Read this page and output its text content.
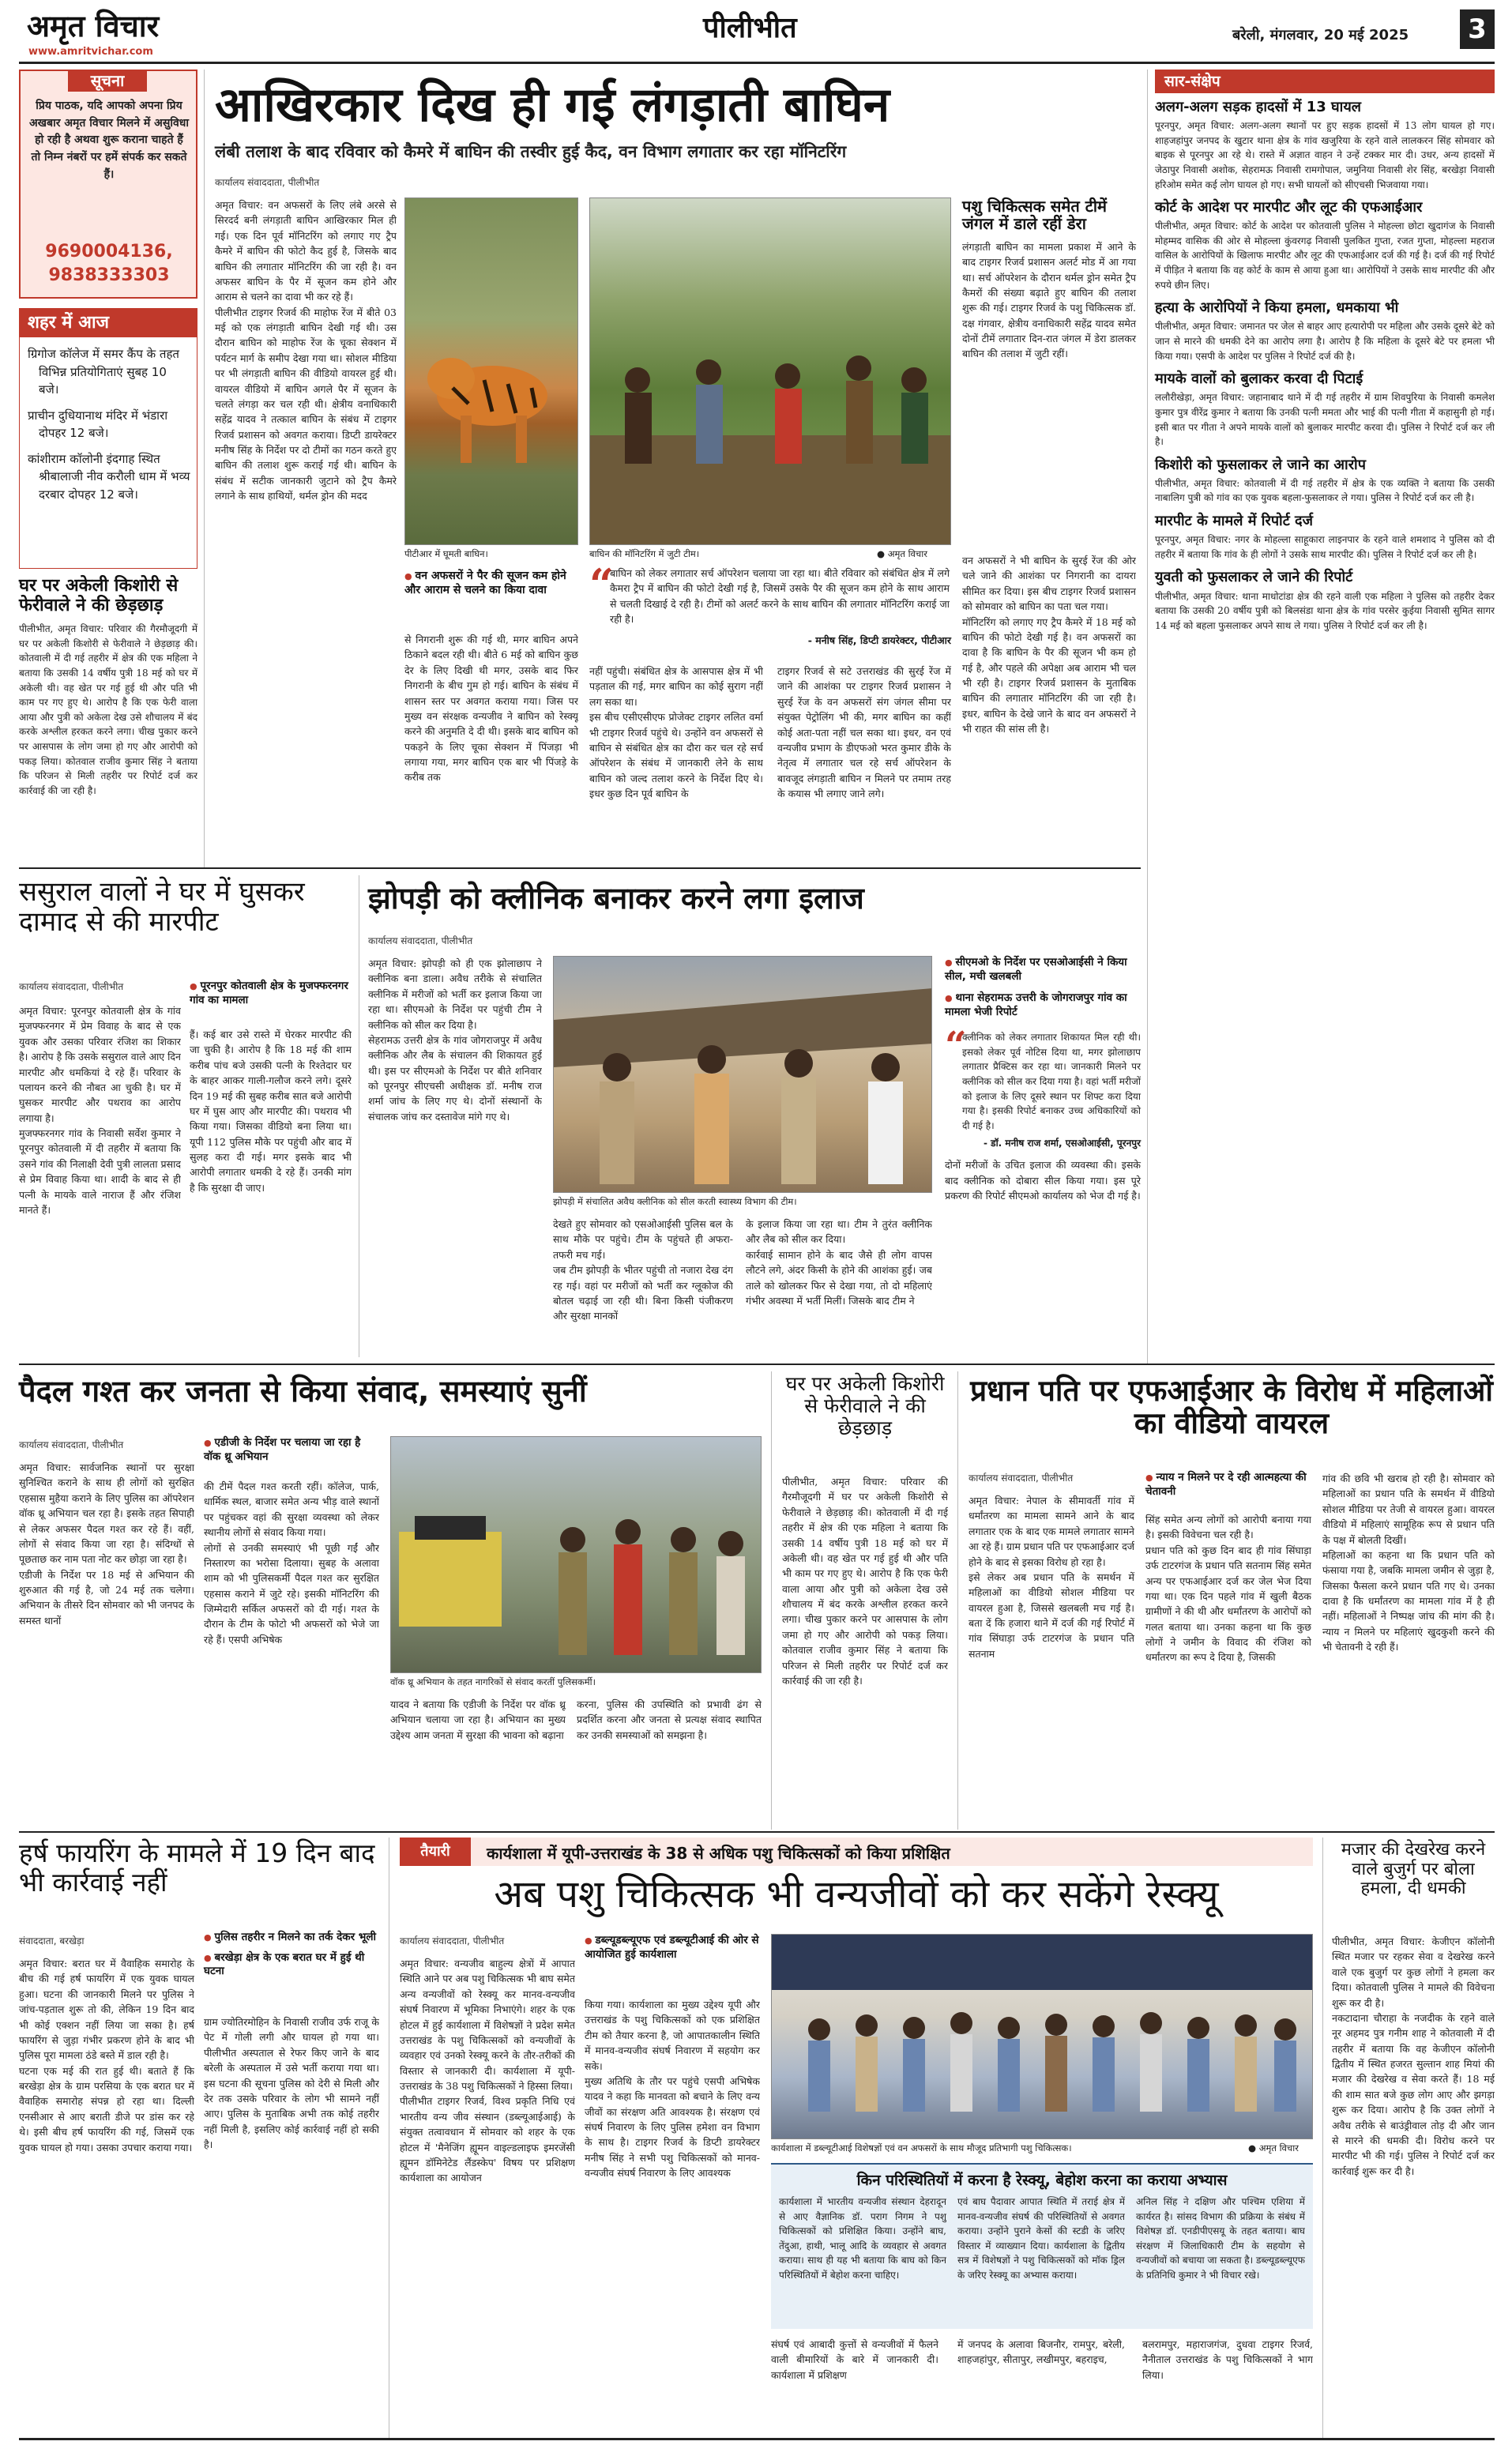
अमृत विचार
www.amritvichar.com
पीलीभीत	बरेली, मंगलवार, 20 मई 2025 3
सूचना
प्रिय पाठक, यदि आपको अपना प्रिय अखबार अमृत विचार मिलने में असुविधा हो रही है अथवा शुरू कराना चाहते हैं तो निम्न नंबरों पर हमें संपर्क कर सकते हैं।
9690004136,
9838333303
शहर में आज
ग्रिगोज कॉलेज में समर कैंप के तहत विभिन्न प्रतियोगिताएं सुबह 10 बजे।
प्राचीन दुधियानाथ मंदिर में भंडारा दोपहर 12 बजे।
कांशीराम कॉलोनी इंदगाह स्थित श्रीबालाजी नीव करौली धाम में भव्य दरबार दोपहर 12 बजे।
घर पर अकेली किशोरी से फेरीवाले ने की छेड़छाड़
पीलीभीत, अमृत विचार: परिवार की गैरमौजूदगी में घर पर अकेली किशोरी से फेरीवाले ने छेड़छाड़ की। कोतवाली में दी गई तहरीर में क्षेत्र की एक महिला ने बताया कि उसकी 14 वर्षीय पुत्री 18 मई को घर में अकेली थी। वह खेत पर गई हुई थी और पति भी काम पर गए हुए थे। आरोप है कि एक फेरी वाला आया और पुत्री को अकेला देख उसे शौचालय में बंद करके अश्लील हरकत करने लगा। चीख पुकार करने पर आसपास के लोग जमा हो गए और आरोपी को पकड़ लिया। कोतवाल राजीव कुमार सिंह ने बताया कि परिजन से मिली तहरीर पर रिपोर्ट दर्ज कर कार्रवाई की जा रही है।
आखिरकार दिख ही गई लंगड़ाती बाघिन
लंबी तलाश के बाद रविवार को कैमरे में बाघिन की तस्वीर हुई कैद, वन विभाग लगातार कर रहा मॉनिटरिंग
कार्यालय संवाददाता, पीलीभीत
अमृत विचार: वन अफसरों के लिए लंबे अरसे से सिरदर्द बनी लंगड़ाती बाघिन आखिरकार मिल ही गई। एक दिन पूर्व मॉनिटरिंग को लगाए गए ट्रैप कैमरे में बाघिन की फोटो कैद हुई है, जिसके बाद बाघिन की लगातार मॉनिटरिंग की जा रही है। वन अफसर बाघिन के पैर में सूजन कम होने और आराम से चलने का दावा भी कर रहे हैं।
पीलीभीत टाइगर रिजर्व की माहोफ रेंज में बीते 03 मई को एक लंगड़ाती बाघिन देखी गई थी। उस दौरान बाघिन को माहोफ रेंज के चूका सेक्शन में पर्यटन मार्ग के समीप देखा गया था। सोशल मीडिया पर भी लंगड़ाती बाघिन की वीडियो वायरल हुई थी। वायरल वीडियो में बाघिन अगले पैर में सूजन के चलते लंगड़ा कर चल रही थी। क्षेत्रीय वनाधिकारी सहेंद्र यादव ने तत्काल बाघिन के संबंध में टाइगर रिजर्व प्रशासन को अवगत कराया। डिप्टी डायरेक्टर मनीष सिंह के निर्देश पर दो टीमों का गठन करते हुए बाघिन की तलाश शुरू कराई गई थी। बाघिन के संबंध में सटीक जानकारी जुटाने को ट्रैप कैमरे लगाने के साथ हाथियों, थर्मल ड्रोन की मदद
पीटीआर में घूमती बाघिन।	बाघिन की मॉनिटरिंग में जुटी टीम।	● अमृत विचार
पशु चिकित्सक समेत टीमें जंगल में डाले रहीं डेरा
लंगड़ाती बाघिन का मामला प्रकाश में आने के बाद टाइगर रिजर्व प्रशासन अलर्ट मोड में आ गया था। सर्च ऑपरेशन के दौरान थर्मल ड्रोन समेत ट्रैप कैमरों की संख्या बढ़ाते हुए बाघिन की तलाश शुरू की गई। टाइगर रिजर्व के पशु चिकित्सक डॉ. दक्ष गंगवार, क्षेत्रीय वनाधिकारी सहेंद्र यादव समेत दोनों टीमें लगातार दिन-रात जंगल में डेरा डालकर बाघिन की तलाश में जुटी रहीं।
● वन अफसरों ने पैर की सूजन कम होने और आराम से चलने का किया दावा
से निगरानी शुरू की गई थी, मगर बाघिन अपने ठिकाने बदल रही थी। बीते 6 मई को बाघिन कुछ देर के लिए दिखी थी मगर, उसके बाद फिर निगरानी के बीच गुम हो गई। बाघिन के संबंध में शासन स्तर पर अवगत कराया गया। जिस पर मुख्य वन संरक्षक वन्यजीव ने बाघिन को रेस्क्यू करने की अनुमति दे दी थी। इसके बाद बाघिन को पकड़ने के लिए चूका सेक्शन में पिंजड़ा भी लगाया गया, मगर बाघिन एक बार भी पिंजड़े के करीब तक
“
बाघिन को लेकर लगातार सर्च ऑपरेशन चलाया जा रहा था। बीते रविवार को संबंधित क्षेत्र में लगे कैमरा ट्रैप में बाघिन की फोटो देखी गई है, जिसमें उसके पैर की सूजन कम होने के साथ आराम से चलती दिखाई दे रही है। टीमों को अलर्ट करने के साथ बाघिन की लगातार मॉनिटरिंग कराई जा रही है।
- मनीष सिंह, डिप्टी डायरेक्टर, पीटीआर
नहीं पहुंची। संबंधित क्षेत्र के आसपास क्षेत्र में भी पड़ताल की गई, मगर बाघिन का कोई सुराग नहीं लग सका था।
इस बीच एसीएसीएफ प्रोजेक्ट टाइगर ललित वर्मा भी टाइगर रिजर्व पहुंचे थे। उन्होंने वन अफसरों से बाघिन से संबंधित क्षेत्र का दौरा कर चल रहे सर्च ऑपरेशन के संबंध में जानकारी लेने के साथ बाघिन को जल्द तलाश करने के निर्देश दिए थे। इधर कुछ दिन पूर्व बाघिन के
टाइगर रिजर्व से सटे उत्तराखंड की सुरई रेंज में जाने की आशंका पर टाइगर रिजर्व प्रशासन ने सुरई रेंज के वन अफसरों संग जंगल सीमा पर संयुक्त पेट्रोलिंग भी की, मगर बाघिन का कहीं कोई अता-पता नहीं चल सका था। इधर, वन एवं वन्यजीव प्रभाग के डीएफओ भरत कुमार डीके के नेतृत्व में लगातार चल रहे सर्च ऑपरेशन के बावजूद लंगड़ाती बाघिन न मिलने पर तमाम तरह के कयास भी लगाए जाने लगे।
वन अफसरों ने भी बाघिन के सुरई रेंज की ओर चले जाने की आशंका पर निगरानी का दायरा सीमित कर दिया। इस बीच टाइगर रिजर्व प्रशासन को सोमवार को बाघिन का पता चल गया।
मॉनिटरिंग को लगाए गए ट्रैप कैमरे में 18 मई को बाघिन की फोटो देखी गई है। वन अफसरों का दावा है कि बाघिन के पैर की सूजन भी कम हो गई है, और पहले की अपेक्षा अब आराम भी चल भी रही है। टाइगर रिजर्व प्रशासन के मुताबिक बाघिन की लगातार मॉनिटरिंग की जा रही है। इधर, बाघिन के देखे जाने के बाद वन अफसरों ने भी राहत की सांस ली है।
सार-संक्षेप
अलग-अलग सड़क हादसों में 13 घायल
पूरनपुर, अमृत विचार: अलग-अलग स्थानों पर हुए सड़क हादसों में 13 लोग घायल हो गए। शाहजहांपुर जनपद के खुटार थाना क्षेत्र के गांव खजुरिया के रहने वाले लालकरन सिंह सोमवार को बाइक से पूरनपुर आ रहे थे। रास्ते में अज्ञात वाहन ने उन्हें टक्कर मार दी। उधर, अन्य हादसों में जेठापुर निवासी अशोक, सेहरामऊ निवासी रामगोपाल, जमुनिया निवासी शेर सिंह, बरखेड़ा निवासी हरिओम समेत कई लोग घायल हो गए। सभी घायलों को सीएचसी भिजवाया गया।
कोर्ट के आदेश पर मारपीट और लूट की एफआईआर
पीलीभीत, अमृत विचार: कोर्ट के आदेश पर कोतवाली पुलिस ने मोहल्ला छोटा खुदागंज के निवासी मोहम्मद वासिक की ओर से मोहल्ला कुंवरगढ़ निवासी पुलकित गुप्ता, रजत गुप्ता, मोहल्ला महराज वासिल के आरोपियों के खिलाफ मारपीट और लूट की एफआईआर दर्ज की गई है। दर्ज की गई रिपोर्ट में पीड़ित ने बताया कि वह कोर्ट के काम से आया हुआ था। आरोपियों ने उसके साथ मारपीट की और रुपये छीन लिए।
हत्या के आरोपियों ने किया हमला, धमकाया भी
पीलीभीत, अमृत विचार: जमानत पर जेल से बाहर आए हत्यारोपी पर महिला और उसके दूसरे बेटे को जान से मारने की धमकी देने का आरोप लगा है। आरोप है कि महिला के दूसरे बेटे पर हमला भी किया गया। एसपी के आदेश पर पुलिस ने रिपोर्ट दर्ज की है।
मायके वालों को बुलाकर करवा दी पिटाई
ललौरीखेड़ा, अमृत विचार: जहानाबाद थाने में दी गई तहरीर में ग्राम शिवपुरिया के निवासी कमलेश कुमार पुत्र वीरेंद्र कुमार ने बताया कि उनकी पत्नी ममता और भाई की पत्नी गीता में कहासुनी हो गई। इसी बात पर गीता ने अपने मायके वालों को बुलाकर मारपीट करवा दी। पुलिस ने रिपोर्ट दर्ज कर ली है।
किशोरी को फुसलाकर ले जाने का आरोप
पीलीभीत, अमृत विचार: कोतवाली में दी गई तहरीर में क्षेत्र के एक व्यक्ति ने बताया कि उसकी नाबालिग पुत्री को गांव का एक युवक बहला-फुसलाकर ले गया। पुलिस ने रिपोर्ट दर्ज कर ली है।
मारपीट के मामले में रिपोर्ट दर्ज
पूरनपुर, अमृत विचार: नगर के मोहल्ला साहूकारा लाइनपार के रहने वाले शमशाद ने पुलिस को दी तहरीर में बताया कि गांव के ही लोगों ने उसके साथ मारपीट की। पुलिस ने रिपोर्ट दर्ज कर ली है।
युवती को फुसलाकर ले जाने की रिपोर्ट
पीलीभीत, अमृत विचार: थाना माधोटांडा क्षेत्र की रहने वाली एक महिला ने पुलिस को तहरीर देकर बताया कि उसकी 20 वर्षीय पुत्री को बिलसंडा थाना क्षेत्र के गांव परसेर कुईया निवासी सुमित सागर 14 मई को बहला फुसलाकर अपने साथ ले गया। पुलिस ने रिपोर्ट दर्ज कर ली है।
ससुराल वालों ने घर में घुसकर दामाद से की मारपीट
कार्यालय संवाददाता, पीलीभीत
अमृत विचार: पूरनपुर कोतवाली क्षेत्र के गांव मुजफ्फरनगर में प्रेम विवाह के बाद से एक युवक और उसका परिवार रंजिश का शिकार है। आरोप है कि उसके ससुराल वाले आए दिन मारपीट और धमकियां दे रहे हैं। परिवार के पलायन करने की नौबत आ चुकी है। घर में घुसकर मारपीट और पथराव का आरोप लगाया है।
मुजफ्फरनगर गांव के निवासी सर्वेश कुमार ने पूरनपुर कोतवाली में दी तहरीर में बताया कि उसने गांव की निलाक्षी देवी पुत्री लालता प्रसाद से प्रेम विवाह किया था। शादी के बाद से ही पत्नी के मायके वाले नाराज हैं और रंजिश मानते हैं।
● पूरनपुर कोतवाली क्षेत्र के मुजफ्फरनगर गांव का मामला
हैं। कई बार उसे रास्ते में घेरकर मारपीट की जा चुकी है। आरोप है कि 18 मई की शाम करीब पांच बजे उसकी पत्नी के रिश्तेदार घर के बाहर आकर गाली-गलौज करने लगे। दूसरे दिन 19 मई की सुबह करीब सात बजे आरोपी घर में घुस आए और मारपीट की। पथराव भी किया गया। जिसका वीडियो बना लिया था। यूपी 112 पुलिस मौके पर पहुंची और बाद में सुलह करा दी गई। मगर इसके बाद भी आरोपी लगातार धमकी दे रहे हैं। उनकी मांग है कि सुरक्षा दी जाए।
झोपड़ी को क्लीनिक बनाकर करने लगा इलाज
कार्यालय संवाददाता, पीलीभीत
अमृत विचार: झोपड़ी को ही एक झोलाछाप ने क्लीनिक बना डाला। अवैध तरीके से संचालित क्लीनिक में मरीजों को भर्ती कर इलाज किया जा रहा था। सीएमओ के निर्देश पर पहुंची टीम ने क्लीनिक को सील कर दिया है।
सेहरामऊ उत्तरी क्षेत्र के गांव जोगराजपुर में अवैध क्लीनिक और लैब के संचालन की शिकायत हुई थी। इस पर सीएमओ के निर्देश पर बीते शनिवार को पूरनपुर सीएचसी अधीक्षक डॉ. मनीष राज शर्मा जांच के लिए गए थे। दोनों संस्थानों के संचालक जांच कर दस्तावेज मांगे गए थे।
झोपड़ी में संचालित अवैध क्लीनिक को सील करती स्वास्थ्य विभाग की टीम।
देखते हुए सोमवार को एसओआईसी पुलिस बल के साथ मौके पर पहुंचे। टीम के पहुंचते ही अफरा-तफरी मच गई।
जब टीम झोपड़ी के भीतर पहुंची तो नजारा देख दंग रह गई। वहां पर मरीजों को भर्ती कर ग्लूकोज की बोतल चढ़ाई जा रही थी। बिना किसी पंजीकरण और सुरक्षा मानकों
के इलाज किया जा रहा था। टीम ने तुरंत क्लीनिक और लैब को सील कर दिया।
कार्रवाई सामान होने के बाद जैसे ही लोग वापस लौटने लगे, अंदर किसी के होने की आशंका हुई। जब ताले को खोलकर फिर से देखा गया, तो दो महिलाएं गंभीर अवस्था में भर्ती मिलीं। जिसके बाद टीम ने
● सीएमओ के निर्देश पर एसओआईसी ने किया सील, मची खलबली
● थाना सेहरामऊ उत्तरी के जोगराजपुर गांव का मामला भेजी रिपोर्ट
“
क्लीनिक को लेकर लगातार शिकायत मिल रही थी। इसको लेकर पूर्व नोटिस दिया था, मगर झोलाछाप लगातार प्रैक्टिस कर रहा था। जानकारी मिलने पर क्लीनिक को सील कर दिया गया है। वहां भर्ती मरीजों को इलाज के लिए दूसरे स्थान पर शिफ्ट करा दिया गया है। इसकी रिपोर्ट बनाकर उच्च अधिकारियों को दी गई है।
- डॉ. मनीष राज शर्मा, एसओआईसी, पूरनपुर
दोनों मरीजों के उचित इलाज की व्यवस्था की। इसके बाद क्लीनिक को दोबारा सील किया गया। इस पूरे प्रकरण की रिपोर्ट सीएमओ कार्यालय को भेज दी गई है।
पैदल गश्त कर जनता से किया संवाद, समस्याएं सुनीं
कार्यालय संवाददाता, पीलीभीत
अमृत विचार: सार्वजनिक स्थानों पर सुरक्षा सुनिश्चित कराने के साथ ही लोगों को सुरक्षित एहसास मुहैया कराने के लिए पुलिस का ऑपरेशन वॉक थ्रू अभियान चल रहा है। इसके तहत सिपाही से लेकर अफसर पैदल गश्त कर रहे हैं। वहीं, लोगों से संवाद किया जा रहा है। संदिग्धों से पूछताछ कर नाम पता नोट कर छोड़ा जा रहा है।
एडीजी के निर्देश पर 18 मई से अभियान की शुरुआत की गई है, जो 24 मई तक चलेगा। अभियान के तीसरे दिन सोमवार को भी जनपद के समस्त थानों
● एडीजी के निर्देश पर चलाया जा रहा है वॉक थ्रू अभियान
की टीमें पैदल गश्त करती रहीं। कॉलेज, पार्क, धार्मिक स्थल, बाजार समेत अन्य भीड़ वाले स्थानों पर पहुंचकर वहां की सुरक्षा व्यवस्था को लेकर स्थानीय लोगों से संवाद किया गया।
लोगों से उनकी समस्याएं भी पूछी गईं और निस्तारण का भरोसा दिलाया। सुबह के अलावा शाम को भी पुलिसकर्मी पैदल गश्त कर सुरक्षित एहसास कराने में जुटे रहे। इसकी मॉनिटरिंग की जिम्मेदारी सर्किल अफसरों को दी गई। गश्त के दौरान के टीम के फोटो भी अफसरों को भेजे जा रहे हैं। एसपी अभिषेक
वॉक थ्रू अभियान के तहत नागरिकों से संवाद करतीं पुलिसकर्मी।
यादव ने बताया कि एडीजी के निर्देश पर वॉक थ्रू अभियान चलाया जा रहा है। अभियान का मुख्य उद्देश्य आम जनता में सुरक्षा की भावना को बढ़ाना
करना, पुलिस की उपस्थिति को प्रभावी ढंग से प्रदर्शित करना और जनता से प्रत्यक्ष संवाद स्थापित कर उनकी समस्याओं को समझना है।
घर पर अकेली किशोरी से फेरीवाले ने की छेड़छाड़
पीलीभीत, अमृत विचार: परिवार की गैरमौजूदगी में घर पर अकेली किशोरी से फेरीवाले ने छेड़छाड़ की। कोतवाली में दी गई तहरीर में क्षेत्र की एक महिला ने बताया कि उसकी 14 वर्षीय पुत्री 18 मई को घर में अकेली थी। वह खेत पर गई हुई थी और पति भी काम पर गए हुए थे। आरोप है कि एक फेरी वाला आया और पुत्री को अकेला देख उसे शौचालय में बंद करके अश्लील हरकत करने लगा। चीख पुकार करने पर आसपास के लोग जमा हो गए और आरोपी को पकड़ लिया। कोतवाल राजीव कुमार सिंह ने बताया कि परिजन से मिली तहरीर पर रिपोर्ट दर्ज कर कार्रवाई की जा रही है।
प्रधान पति पर एफआईआर के विरोध में महिलाओं का वीडियो वायरल
कार्यालय संवाददाता, पीलीभीत
अमृत विचार: नेपाल के सीमावर्ती गांव में धर्मांतरण का मामला सामने आने के बाद लगातार एक के बाद एक मामले लगातार सामने आ रहे हैं। ग्राम प्रधान पति पर एफआईआर दर्ज होने के बाद से इसका विरोध हो रहा है।
इसे लेकर अब प्रधान पति के समर्थन में महिलाओं का वीडियो सोशल मीडिया पर वायरल हुआ है, जिससे खलबली मच गई है। बता दें कि हजारा थाने में दर्ज की गई रिपोर्ट में गांव सिंघाड़ा उर्फ टाटरगंज के प्रधान पति सतनाम
● न्याय न मिलने पर दे रही आत्महत्या की चेतावनी
सिंह समेत अन्य लोगों को आरोपी बनाया गया है। इसकी विवेचना चल रही है।
प्रधान पति को कुछ दिन बाद ही गांव सिंघाड़ा उर्फ टाटरगंज के प्रधान पति सतनाम सिंह समेत अन्य पर एफआईआर दर्ज कर जेल भेज दिया गया था। एक दिन पहले गांव में खुली बैठक ग्रामीणों ने की थी और धर्मांतरण के आरोपों को गलत बताया था। उनका कहना था कि कुछ लोगों ने जमीन के विवाद की रंजिश को धर्मांतरण का रूप दे दिया है, जिसकी
गांव की छवि भी खराब हो रही है। सोमवार को महिलाओं का प्रधान पति के समर्थन में वीडियो सोशल मीडिया पर तेजी से वायरल हुआ। वायरल वीडियो में महिलाएं सामूहिक रूप से प्रधान पति के पक्ष में बोलती दिखीं।
महिलाओं का कहना था कि प्रधान पति को फंसाया गया है, जबकि मामला जमीन से जुड़ा है, जिसका फैसला करने प्रधान पति गए थे। उनका दावा है कि धर्मांतरण का मामला गांव में है ही नहीं। महिलाओं ने निष्पक्ष जांच की मांग की है। न्याय न मिलने पर महिलाएं खुदकुशी करने की भी चेतावनी दे रही हैं।
हर्ष फायरिंग के मामले में 19 दिन बाद भी कार्रवाई नहीं
संवाददाता, बरखेड़ा
अमृत विचार: बरात घर में वैवाहिक समारोह के बीच की गई हर्ष फायरिंग में एक युवक घायल हुआ। घटना की जानकारी मिलने पर पुलिस ने जांच-पड़ताल शुरू तो की, लेकिन 19 दिन बाद भी कोई एक्शन नहीं लिया जा सका है। हर्ष फायरिंग से जुड़ा गंभीर प्रकरण होने के बाद भी पुलिस पूरा मामला ठंडे बस्ते में डाल रही है।
घटना एक मई की रात हुई थी। बताते हैं कि बरखेड़ा क्षेत्र के ग्राम परसिया के एक बरात घर में वैवाहिक समारोह संपन्न हो रहा था। दिल्ली एनसीआर से आए बराती डीजे पर डांस कर रहे थे। इसी बीच हर्ष फायरिंग की गई, जिसमें एक युवक घायल हो गया। उसका उपचार कराया गया।
● पुलिस तहरीर न मिलने का तर्क देकर भूली
● बरखेड़ा क्षेत्र के एक बरात घर में हुई थी घटना
ग्राम ज्योतिरमोहिन के निवासी राजीव उर्फ राजू के पेट में गोली लगी और घायल हो गया था। पीलीभीत अस्पताल से रेफर किए जाने के बाद बरेली के अस्पताल में उसे भर्ती कराया गया था। इस घटना की सूचना पुलिस को देरी से मिली और देर तक उसके परिवार के लोग भी सामने नहीं आए। पुलिस के मुताबिक अभी तक कोई तहरीर नहीं मिली है, इसलिए कोई कार्रवाई नहीं हो सकी है।
तैयारी	कार्यशाला में यूपी-उत्तराखंड के 38 से अधिक पशु चिकित्सकों को किया प्रशिक्षित
अब पशु चिकित्सक भी वन्यजीवों को कर सकेंगे रेस्क्यू
कार्यालय संवाददाता, पीलीभीत
अमृत विचार: वन्यजीव बाहुल्य क्षेत्रों में आपात स्थिति आने पर अब पशु चिकित्सक भी बाघ समेत अन्य वन्यजीवों को रेस्क्यू कर मानव-वन्यजीव संघर्ष निवारण में भूमिका निभाएंगे। शहर के एक होटल में हुई कार्यशाला में विशेषज्ञों ने प्रदेश समेत उत्तराखंड के पशु चिकित्सकों को वन्यजीवों के व्यवहार एवं उनको रेस्क्यू करने के तौर-तरीकों की विस्तार से जानकारी दी। कार्यशाला में यूपी-उत्तराखंड के 38 पशु चिकित्सकों ने हिस्सा लिया।
पीलीभीत टाइगर रिजर्व, विश्व प्रकृति निधि एवं भारतीय वन्य जीव संस्थान (डब्ल्यूआईआई) के संयुक्त तत्वावधान में सोमवार को शहर के एक होटल में 'मैनेजिंग ह्यूमन वाइल्डलाइफ इमरजेंसी ह्यूमन डॉमिनेटेड लैंडस्केप' विषय पर प्रशिक्षण कार्यशाला का आयोजन
● डब्ल्यूडब्ल्यूएफ एवं डब्ल्यूटीआई की ओर से आयोजित हुई कार्यशाला
किया गया। कार्यशाला का मुख्य उद्देश्य यूपी और उत्तराखंड के पशु चिकित्सकों को एक प्रशिक्षित टीम को तैयार करना है, जो आपातकालीन स्थिति में मानव-वन्यजीव संघर्ष निवारण में सहयोग कर सके।
मुख्य अतिथि के तौर पर पहुंचे एसपी अभिषेक यादव ने कहा कि मानवता को बचाने के लिए वन्य जीवों का संरक्षण अति आवश्यक है। संरक्षण एवं संघर्ष निवारण के लिए पुलिस हमेशा वन विभाग के साथ है। टाइगर रिजर्व के डिप्टी डायरेक्टर मनीष सिंह ने सभी पशु चिकित्सकों को मानव-वन्यजीव संघर्ष निवारण के लिए आवश्यक
कार्यशाला में डब्ल्यूटीआई विशेषज्ञों एवं वन अफसरों के साथ मौजूद प्रतिभागी पशु चिकित्सक।	● अमृत विचार
किन परिस्थितियों में करना है रेस्क्यू, बेहोश करना का कराया अभ्यास
कार्यशाला में भारतीय वन्यजीव संस्थान देहरादून से आए वैज्ञानिक डॉ. पराग निगम ने पशु चिकित्सकों को प्रशिक्षित किया। उन्होंने बाघ, तेंदुआ, हाथी, भालू आदि के व्यवहार से अवगत कराया। साथ ही यह भी बताया कि बाघ को किन परिस्थितियों में बेहोश करना चाहिए।
एवं बाघ पैदावार आपात स्थिति में तराई क्षेत्र में मानव-वन्यजीव संघर्ष की परिस्थितियों से अवगत कराया। उन्होंने पुराने केसों की स्टडी के जरिए विस्तार में व्याख्यान दिया। कार्यशाला के द्वितीय सत्र में विशेषज्ञों ने पशु चिकित्सकों को मॉक ड्रिल के जरिए रेस्क्यू का अभ्यास कराया।
अनिल सिंह ने दक्षिण और पश्चिम एशिया में कार्यरत है। सांसद विभाग की प्रक्रिया के संबंध में विशेषज्ञ डॉ. एनडीपीएसयू के तहत बताया। बाघ संरक्षण में जिलाधिकारी टीम के सहयोग से वन्यजीवों को बचाया जा सकता है। डब्ल्यूडब्ल्यूएफ के प्रतिनिधि कुमार ने भी विचार रखे।
संघर्ष एवं आबादी कुत्तों से वन्यजीवों में फैलने वाली बीमारियों के बारे में जानकारी दी। कार्यशाला में प्रशिक्षण
में जनपद के अलावा बिजनौर, रामपुर, बरेली, शाहजहांपुर, सीतापुर, लखीमपुर, बहराइच,
बलरामपुर, महाराजगंज, दुधवा टाइगर रिजर्व, नैनीताल उत्तराखंड के पशु चिकित्सकों ने भाग लिया।
मजार की देखरेख करने वाले बुजुर्ग पर बोला हमला, दी धमकी
पीलीभीत, अमृत विचार: केजीएन कॉलोनी स्थित मजार पर रहकर सेवा व देखरेख करने वाले एक बुजुर्ग पर कुछ लोगों ने हमला कर दिया। कोतवाली पुलिस ने मामले की विवेचना शुरू कर दी है।
नकटादाना चौराहा के नजदीक के रहने वाले नूर अहमद पुत्र गनीम शाह ने कोतवाली में दी तहरीर में बताया कि वह केजीएन कॉलोनी द्वितीय में स्थित हजरत सुल्तान शाह मियां की मजार की देखरेख व सेवा करते हैं। 18 मई की शाम सात बजे कुछ लोग आए और झगड़ा शुरू कर दिया। आरोप है कि उक्त लोगों ने अवैध तरीके से बाउंड्रीवाल तोड़ दी और जान से मारने की धमकी दी। विरोध करने पर मारपीट भी की गई। पुलिस ने रिपोर्ट दर्ज कर कार्रवाई शुरू कर दी है।
